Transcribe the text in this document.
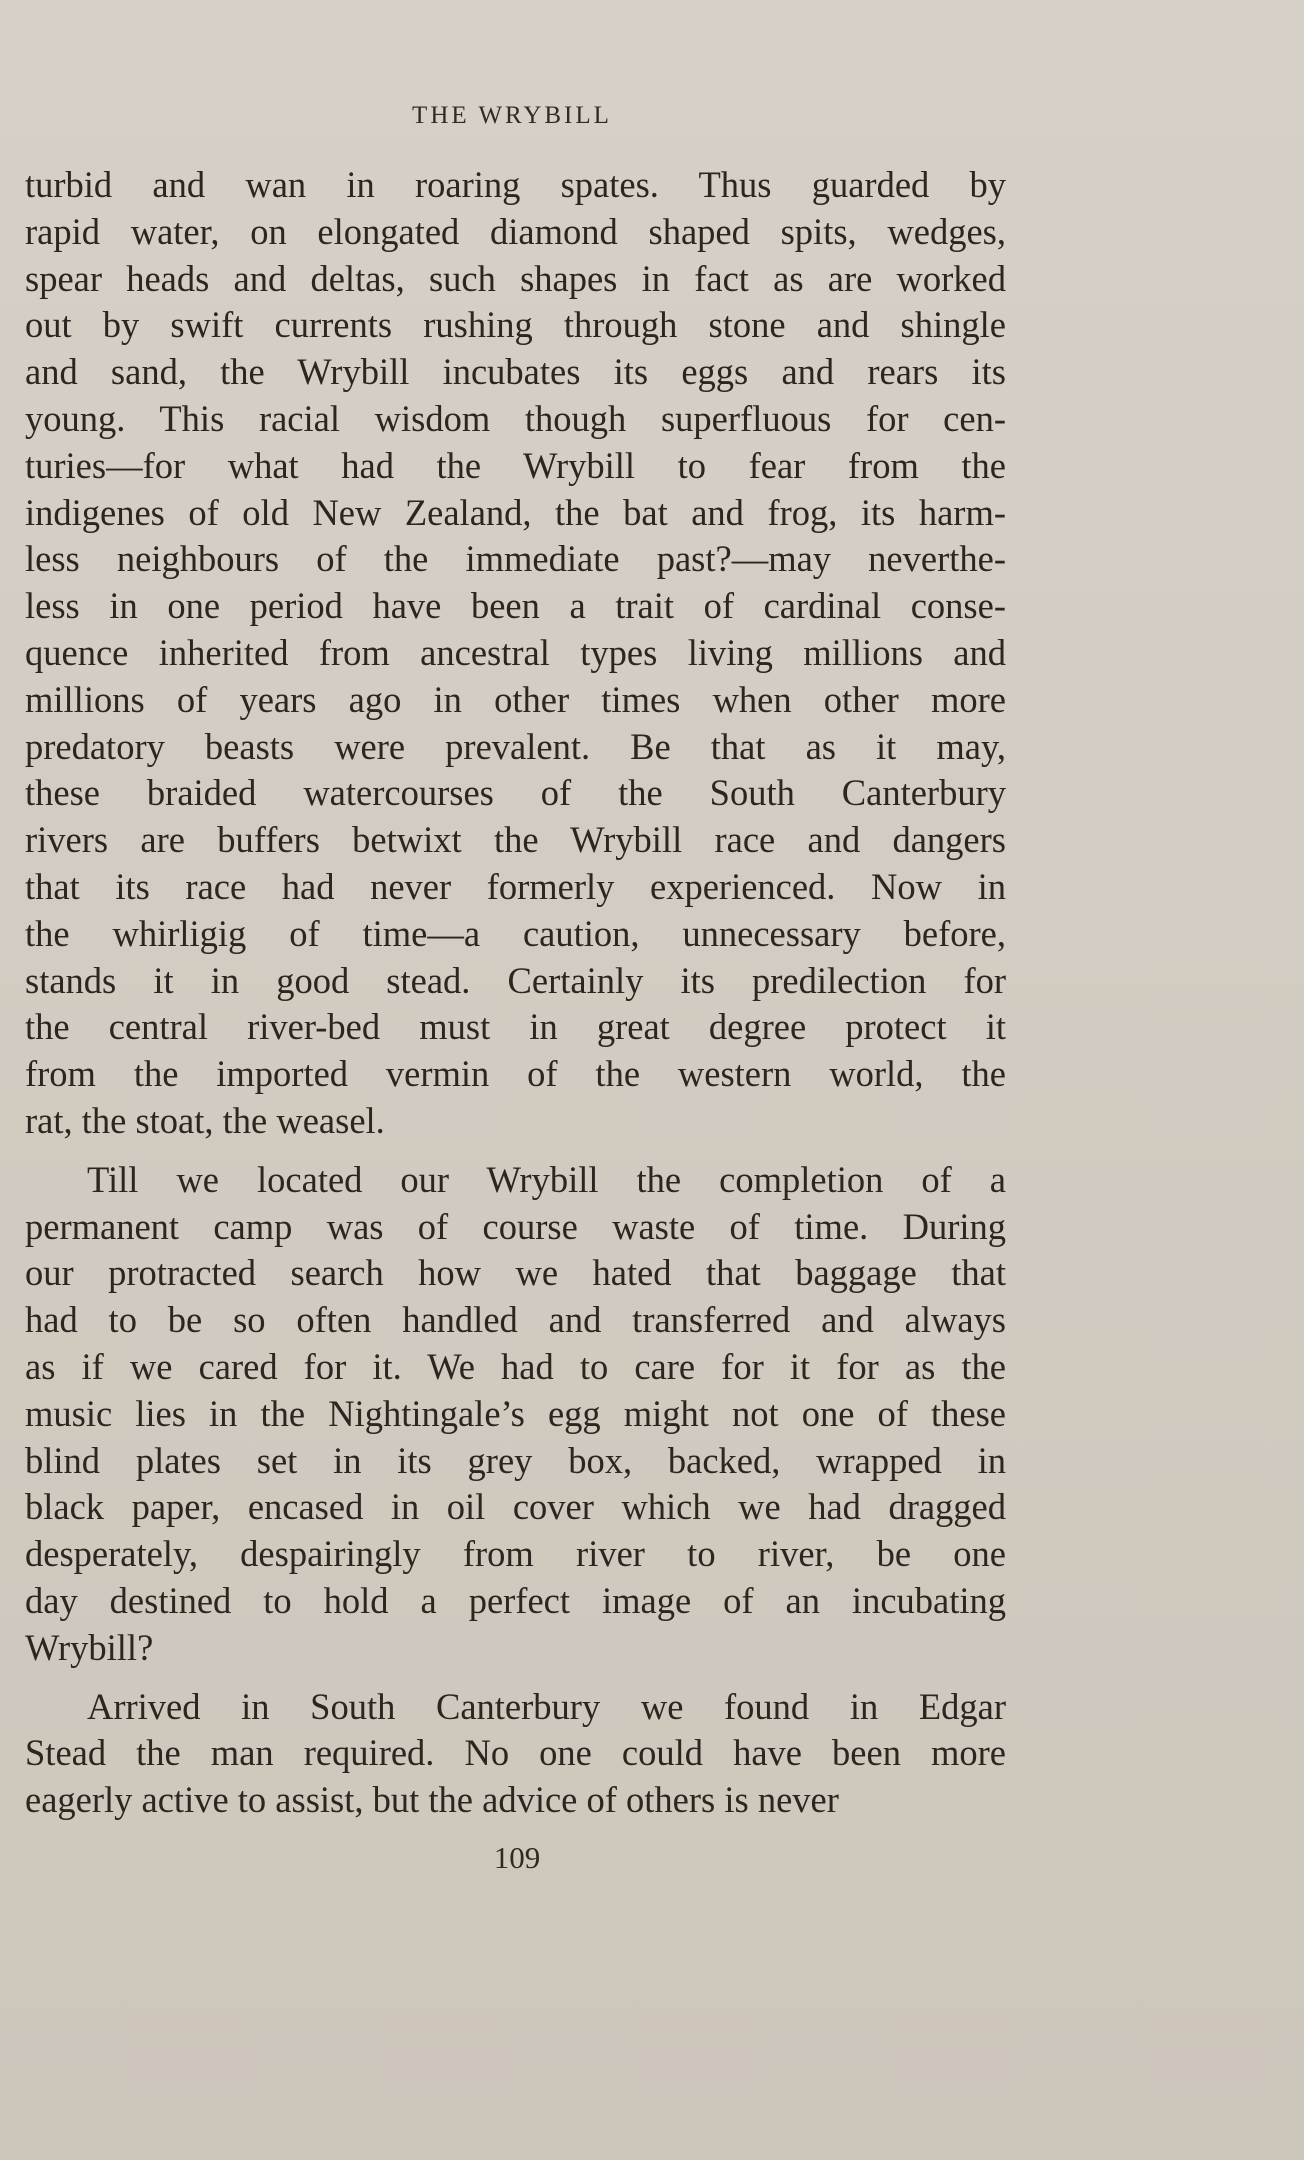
THE WRYBILL

turbid and wan in roaring spates. Thus guarded by
rapid water, on elongated diamond shaped spits, wedges,
spear heads and deltas, such shapes in fact as are worked
out by swift currents rushing through stone and shingle
and sand, the Wrybill incubates its eggs and rears its
young. This racial wisdom though superfluous for cen-
turies—for what had the Wrybill to fear from the
indigenes of old New Zealand, the bat and frog, its harm-
less neighbours of the immediate past?—may neverthe-
less in one period have been a trait of cardinal conse-
quence inherited from ancestral types living millions and
millions of years ago in other times when other more
predatory beasts were prevalent. Be that as it may,
these braided watercourses of the South Canterbury
rivers are buffers betwixt the Wrybill race and dangers
that its race had never formerly experienced. Now in
the whirligig of time—a caution, unnecessary before,
stands it in good stead. Certainly its predilection for
the central river-bed must in great degree protect it
from the imported vermin of the western world, the
rat, the stoat, the weasel.

Till we located our Wrybill the completion of a
permanent camp was of course waste of time. During
our protracted search how we hated that baggage that
had to be so often handled and transferred and always
as if we cared for it. We had to care for it for as the
music lies in the Nightingale’s egg might not one of these
blind plates set in its grey box, backed, wrapped in
black paper, encased in oil cover which we had dragged
desperately, despairingly from river to river, be one
day destined to hold a perfect image of an incubating
Wrybill?

Arrived in South Canterbury we found in Edgar
Stead the man required. No one could have been more
eagerly active to assist, but the advice of others is never

109
